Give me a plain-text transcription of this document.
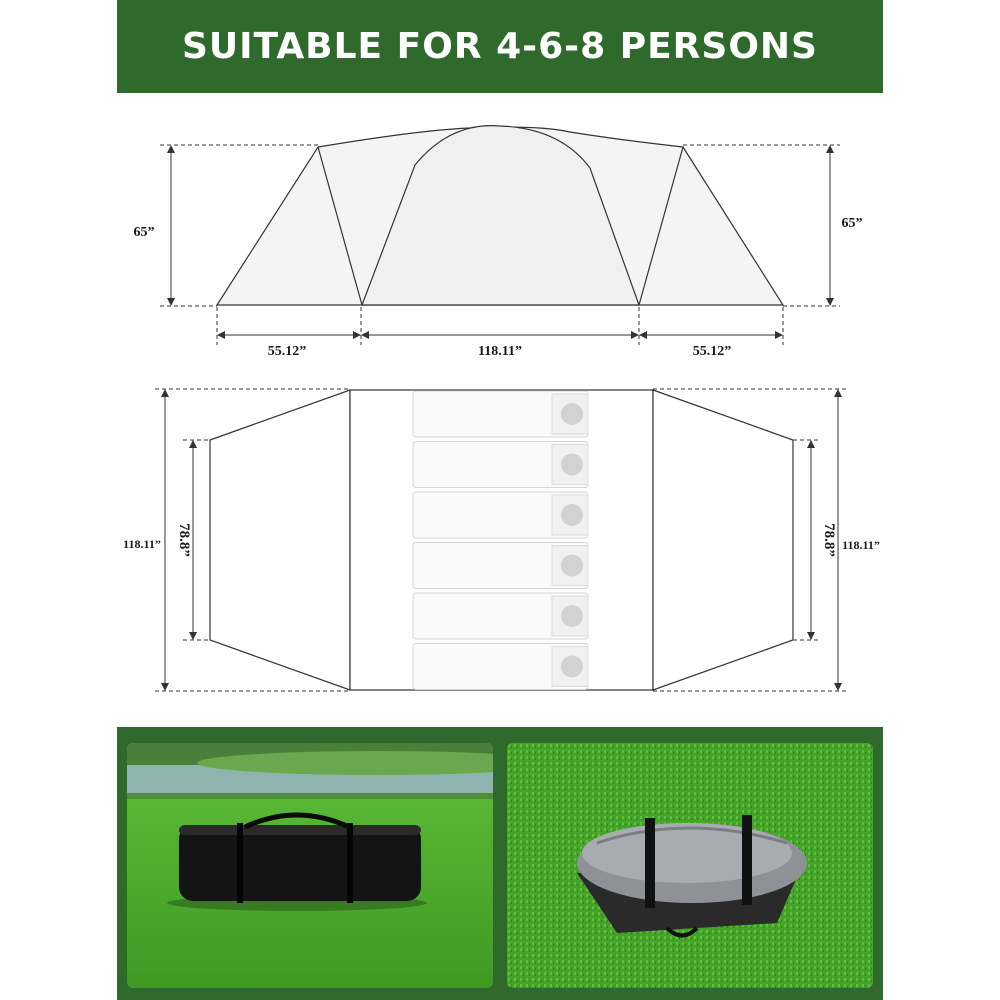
SUITABLE FOR 4-6-8 PERSONS
65”
65”
55.12”	118.11”	55.12”
118.11”	118.11”
78.8”	78.8”
